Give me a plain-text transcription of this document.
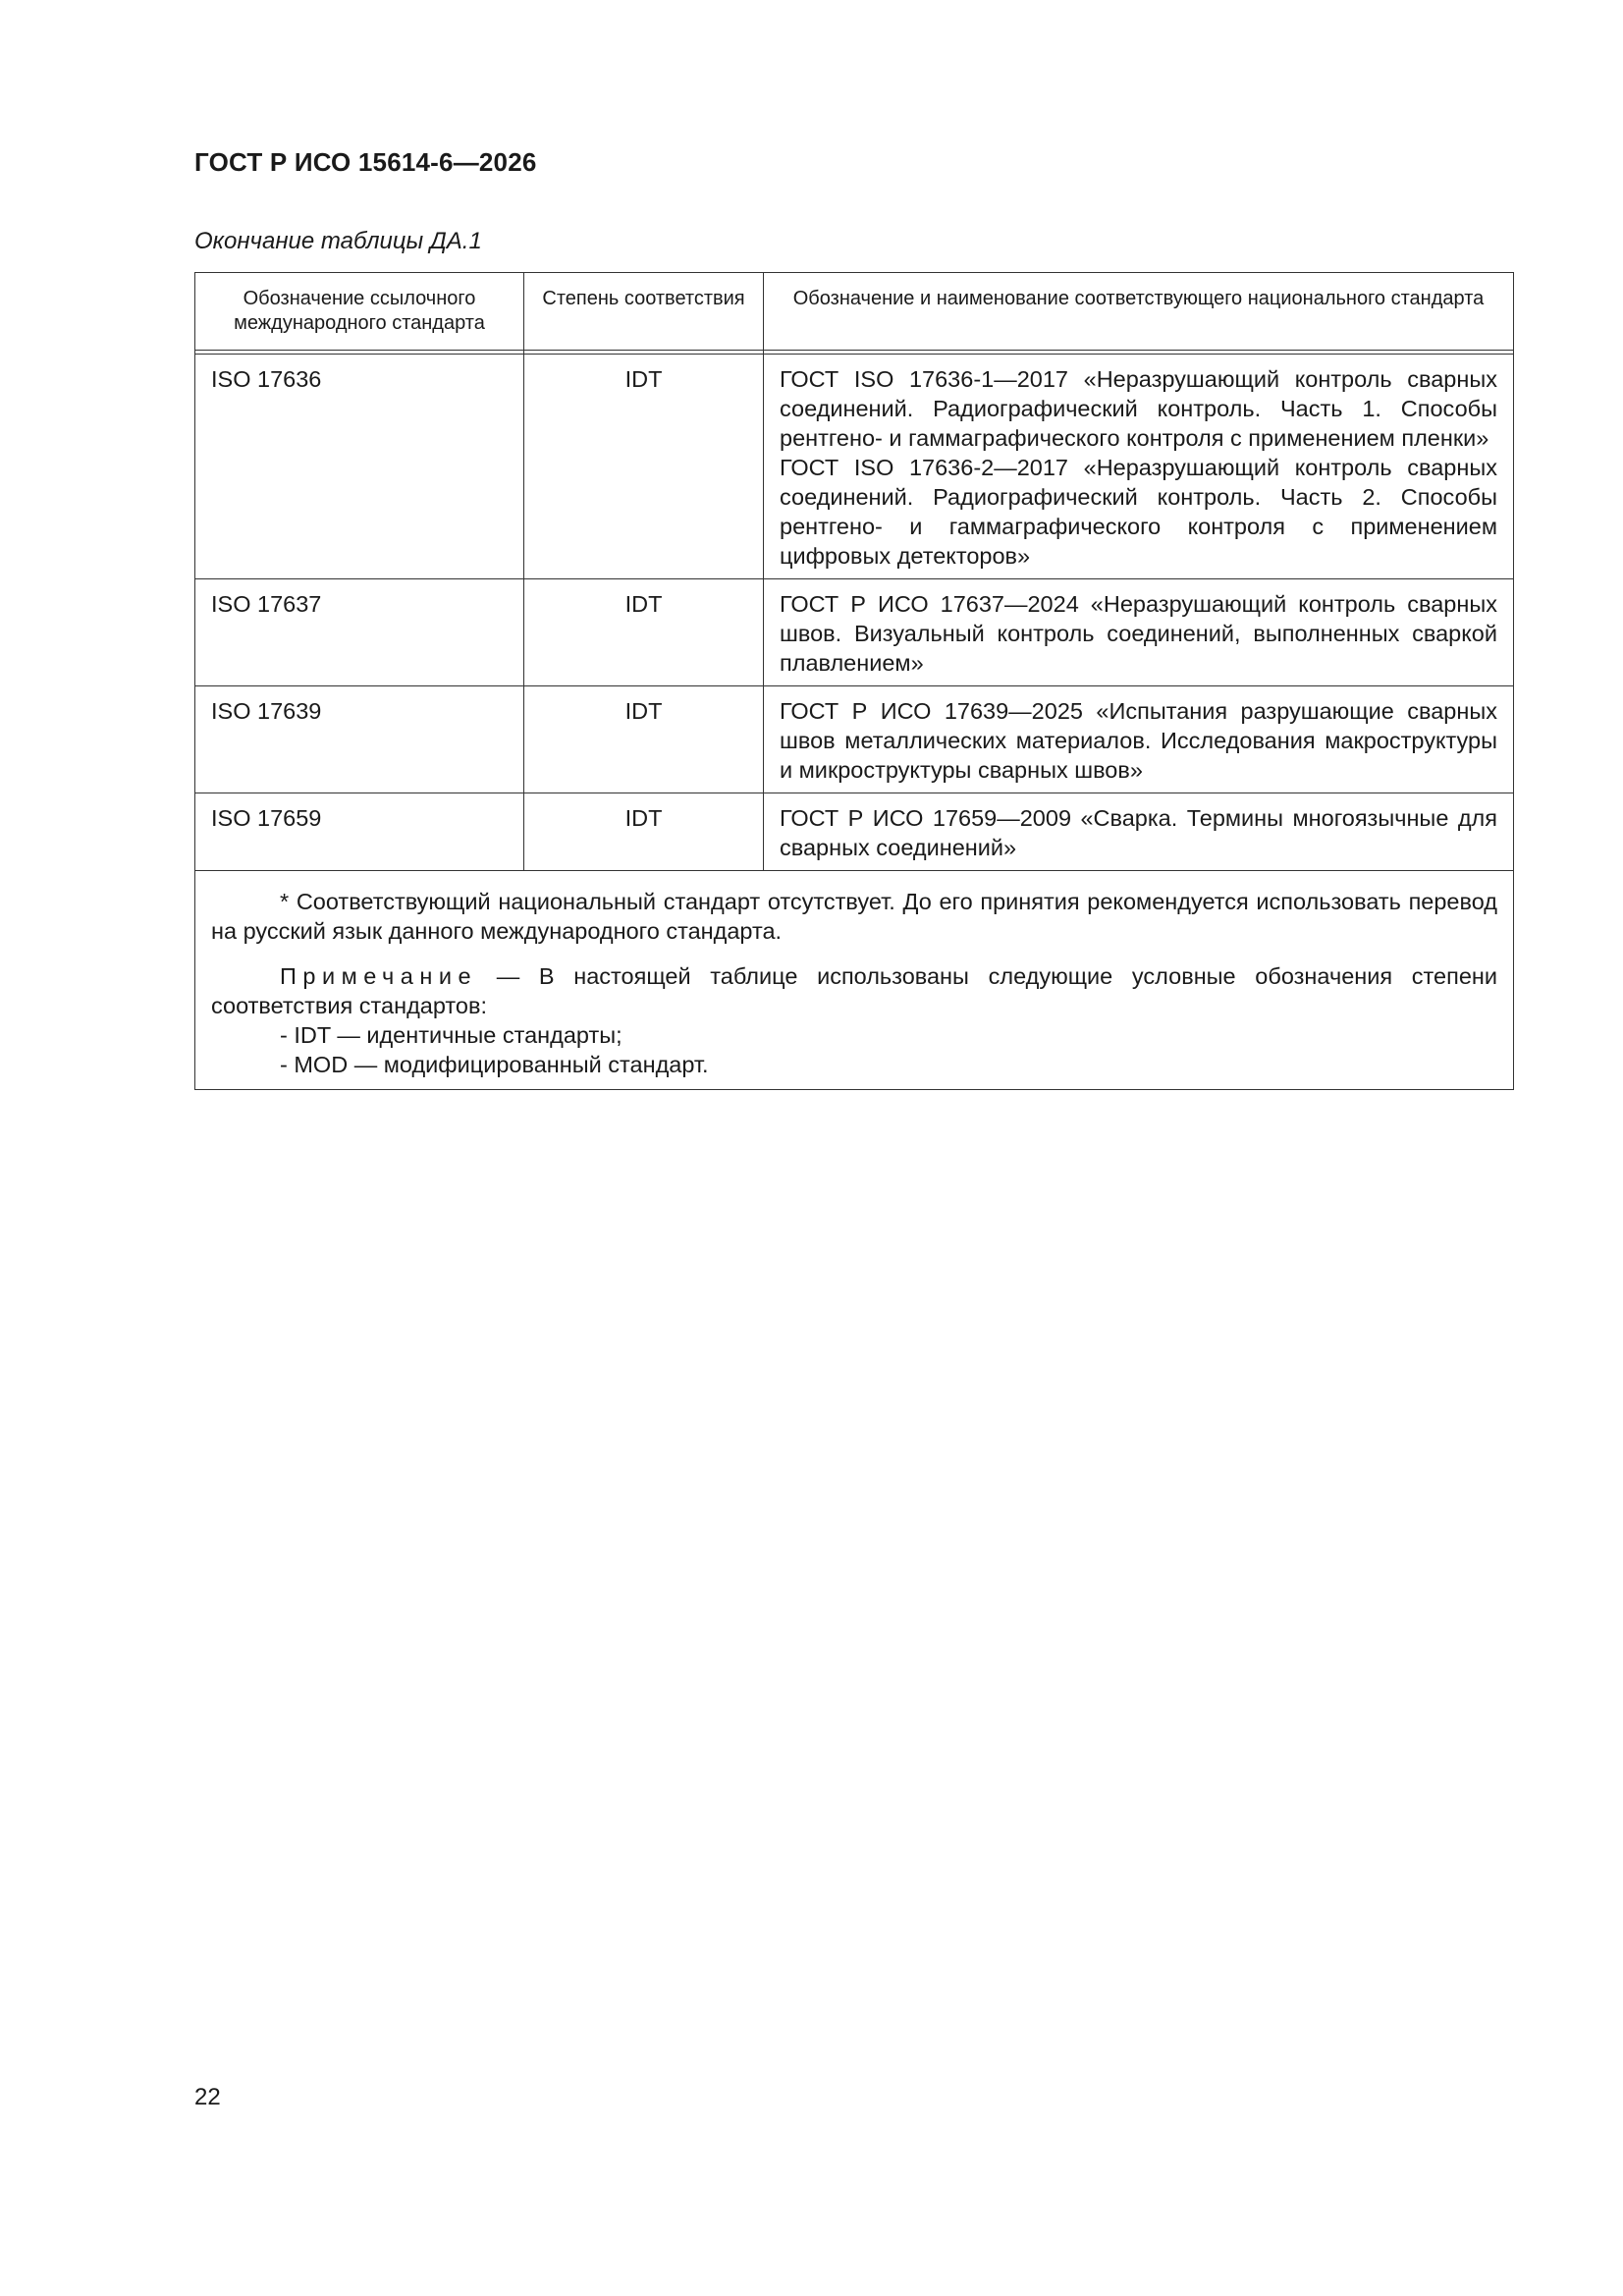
ГОСТ Р ИСО 15614-6—2026
Окончание таблицы ДА.1
Обозначение ссылочного международного стандарта	Степень соответствия	Обозначение и наименование соответствующего национального стандарта

ISO 17636	IDT	ГОСТ ISO 17636-1—2017 «Неразрушающий контроль сварных соединений. Радиографический контроль. Часть 1. Способы рентгено- и гаммаграфического контроля с применением пленки»
ГОСТ ISO 17636-2—2017 «Неразрушающий контроль сварных соединений. Радиографический контроль. Часть 2. Способы рентгено- и гаммаграфического контроля с применением цифровых детекторов»

ISO 17637	IDT	ГОСТ Р ИСО 17637—2024 «Неразрушающий контроль сварных швов. Визуальный контроль соединений, выполненных сваркой плавлением»

ISO 17639	IDT	ГОСТ Р ИСО 17639—2025 «Испытания разрушающие сварных швов металлических материалов. Исследования макроструктуры и микроструктуры сварных швов»

ISO 17659	IDT	ГОСТ Р ИСО 17659—2009 «Сварка. Термины многоязычные для сварных соединений»

* Соответствующий национальный стандарт отсутствует. До его принятия рекомендуется использовать перевод на русский язык данного международного стандарта.

Примечание — В настоящей таблице использованы следующие условные обозначения степени соответствия стандартов:

- IDT — идентичные стандарты;

- MOD — модифицированный стандарт.		

22
